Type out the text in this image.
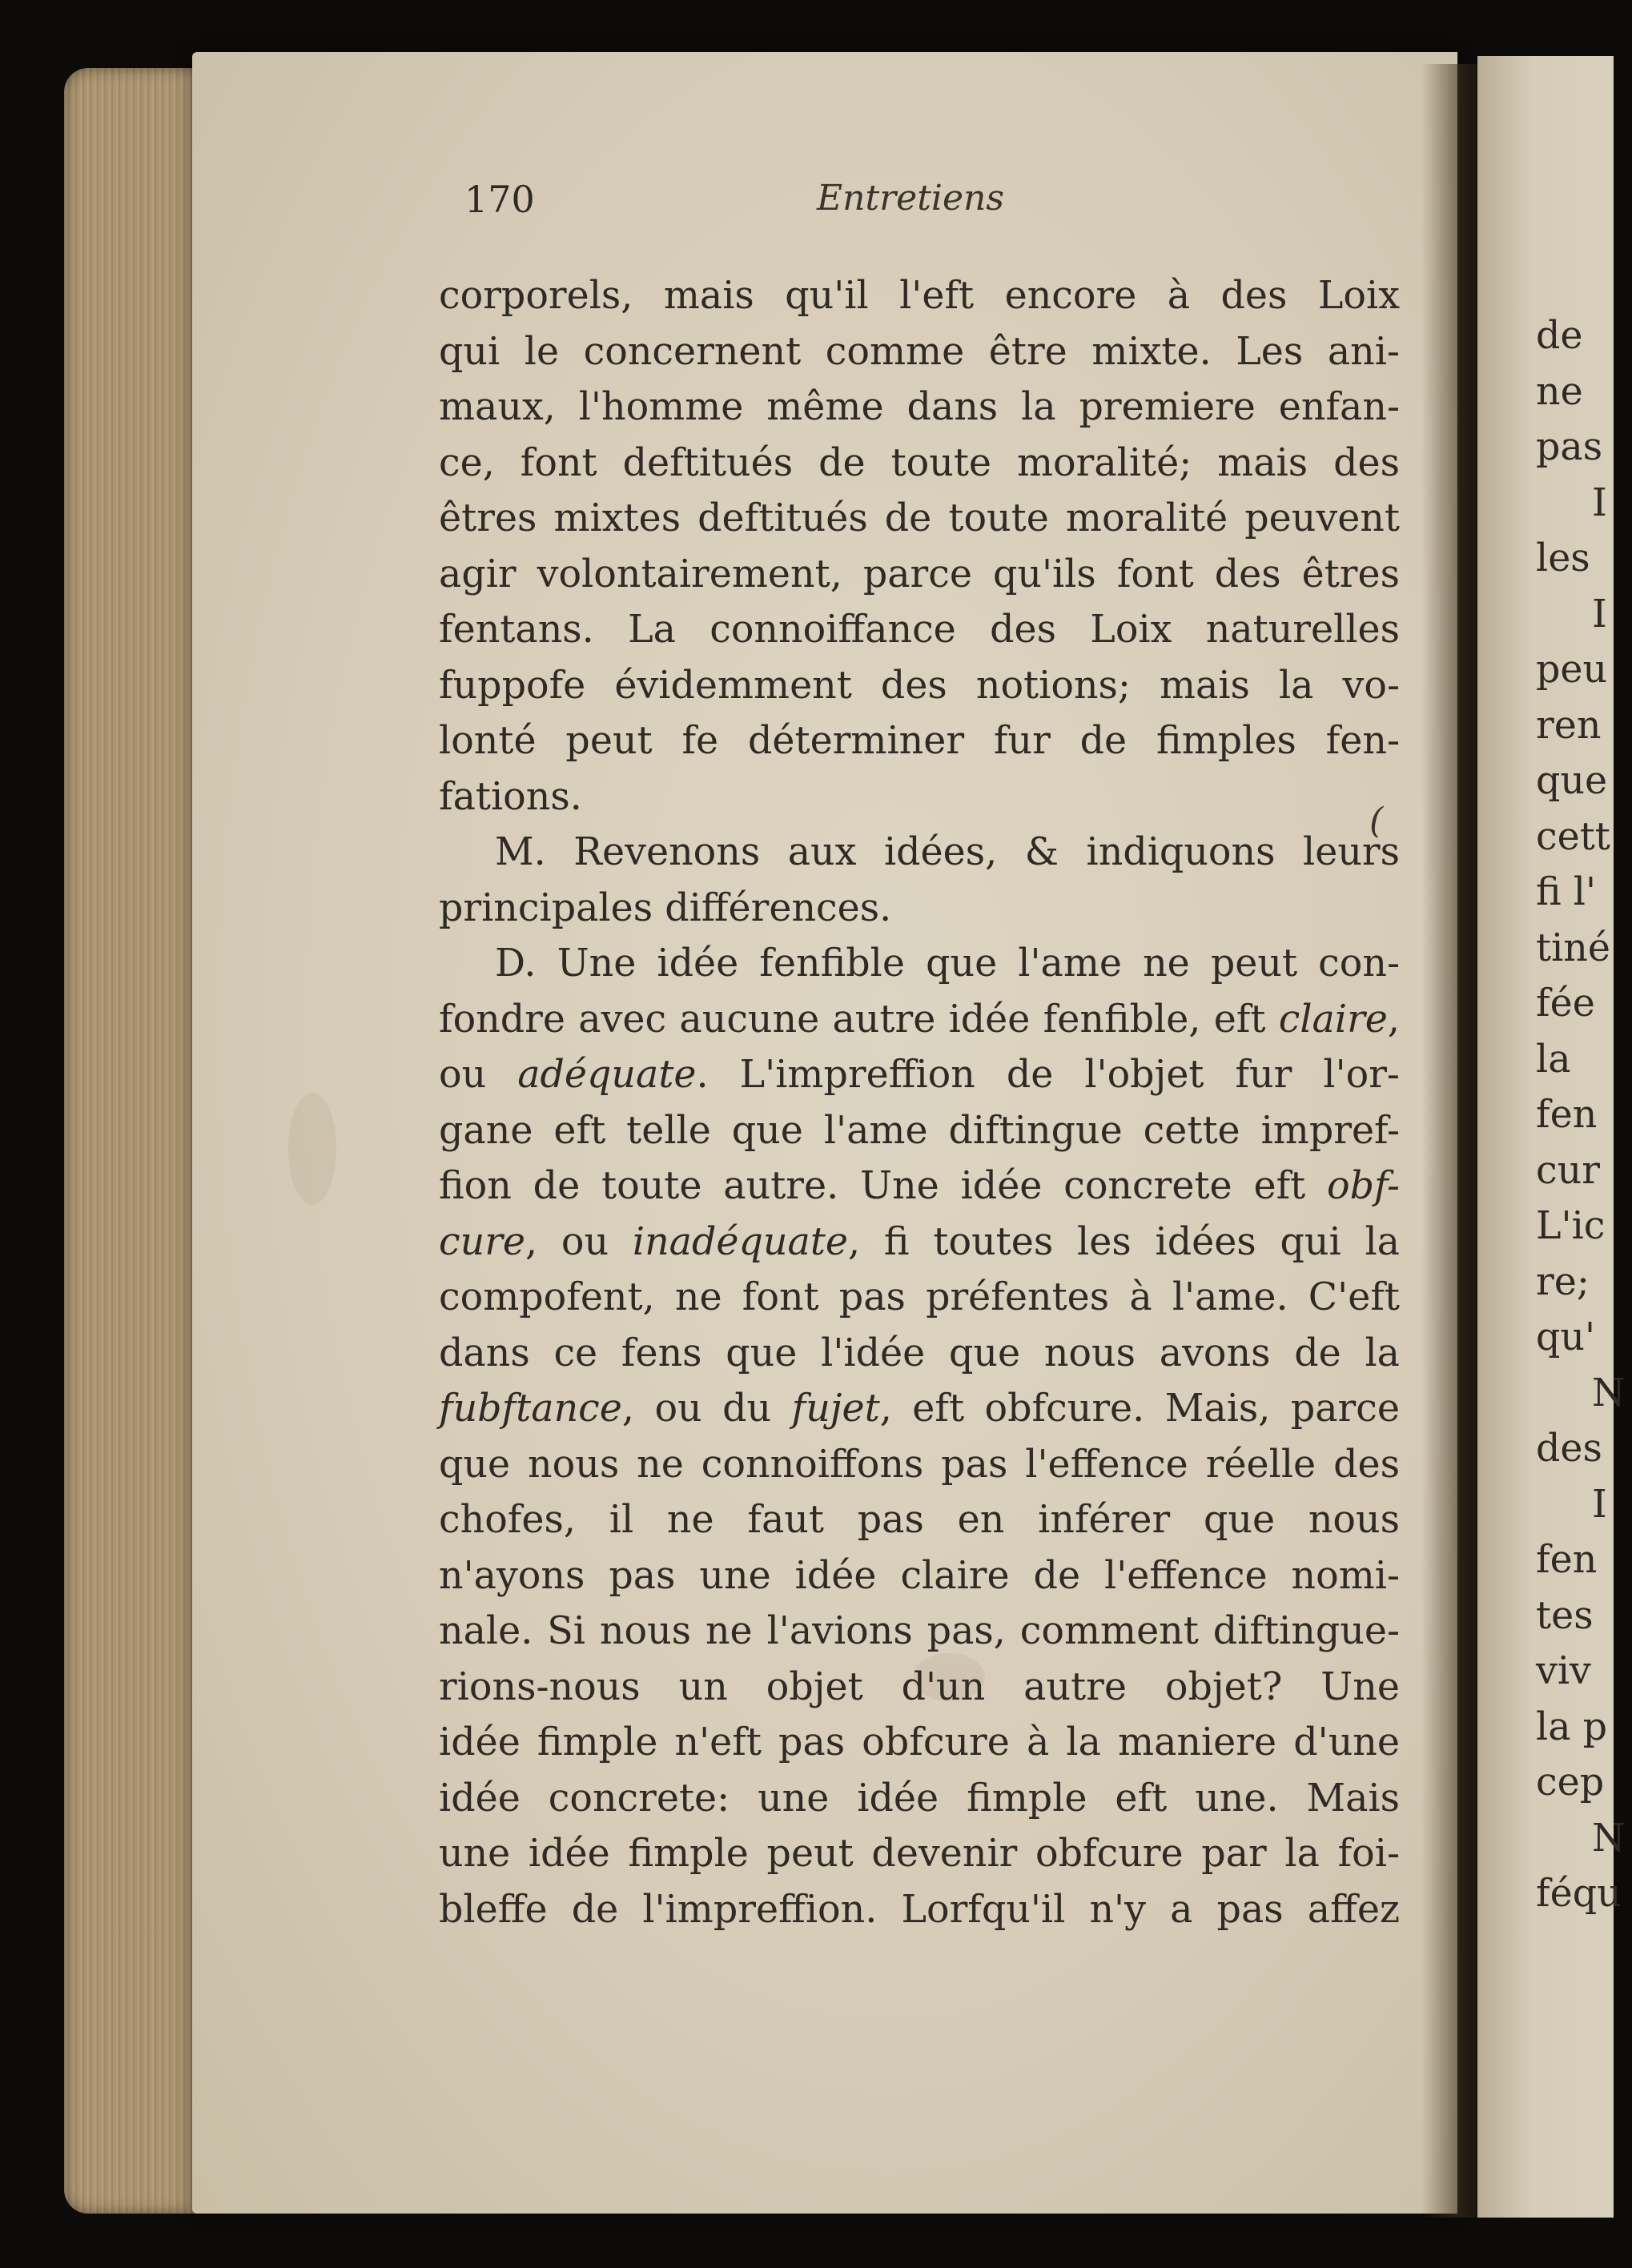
170	Entretiens
corporels, mais qu'il l'eft encore à des Loix
qui le concernent comme être mixte. Les ani-
maux, l'homme même dans la premiere enfan-
ce, font deftitués de toute moralité; mais des
êtres mixtes deftitués de toute moralité peuvent
agir volontairement, parce qu'ils font des êtres
fentans. La connoiffance des Loix naturelles
fuppofe évidemment des notions; mais la vo-
lonté peut fe déterminer fur de fimples fen-
fations.
M. Revenons aux idées, & indiquons leurs
principales différences.
D. Une idée fenfible que l'ame ne peut con-
fondre avec aucune autre idée fenfible, eft claire,
ou adéquate. L'impreffion de l'objet fur l'or-
gane eft telle que l'ame diftingue cette impref-
fion de toute autre. Une idée concrete eft obf-
cure, ou inadéquate, fi toutes les idées qui la
compofent, ne font pas préfentes à l'ame. C'eft
dans ce fens que l'idée que nous avons de la
fubftance, ou du fujet, eft obfcure. Mais, parce
que nous ne connoiffons pas l'effence réelle des
chofes, il ne faut pas en inférer que nous
n'ayons pas une idée claire de l'effence nomi-
nale. Si nous ne l'avions pas, comment diftingue-
rions-nous un objet d'un autre objet? Une
idée fimple n'eft pas obfcure à la maniere d'une
idée concrete: une idée fimple eft une. Mais
une idée fimple peut devenir obfcure par la foi-
bleffe de l'impreffion. Lorfqu'il n'y a pas affez
(
de
ne
pas
I
les
I
peu
ren
que
cett
fi l'
tiné
fée
la
fen
cur
L'ic
re;
qu'
N
des
I
fen
tes
viv
la p
cep
N
féqu
